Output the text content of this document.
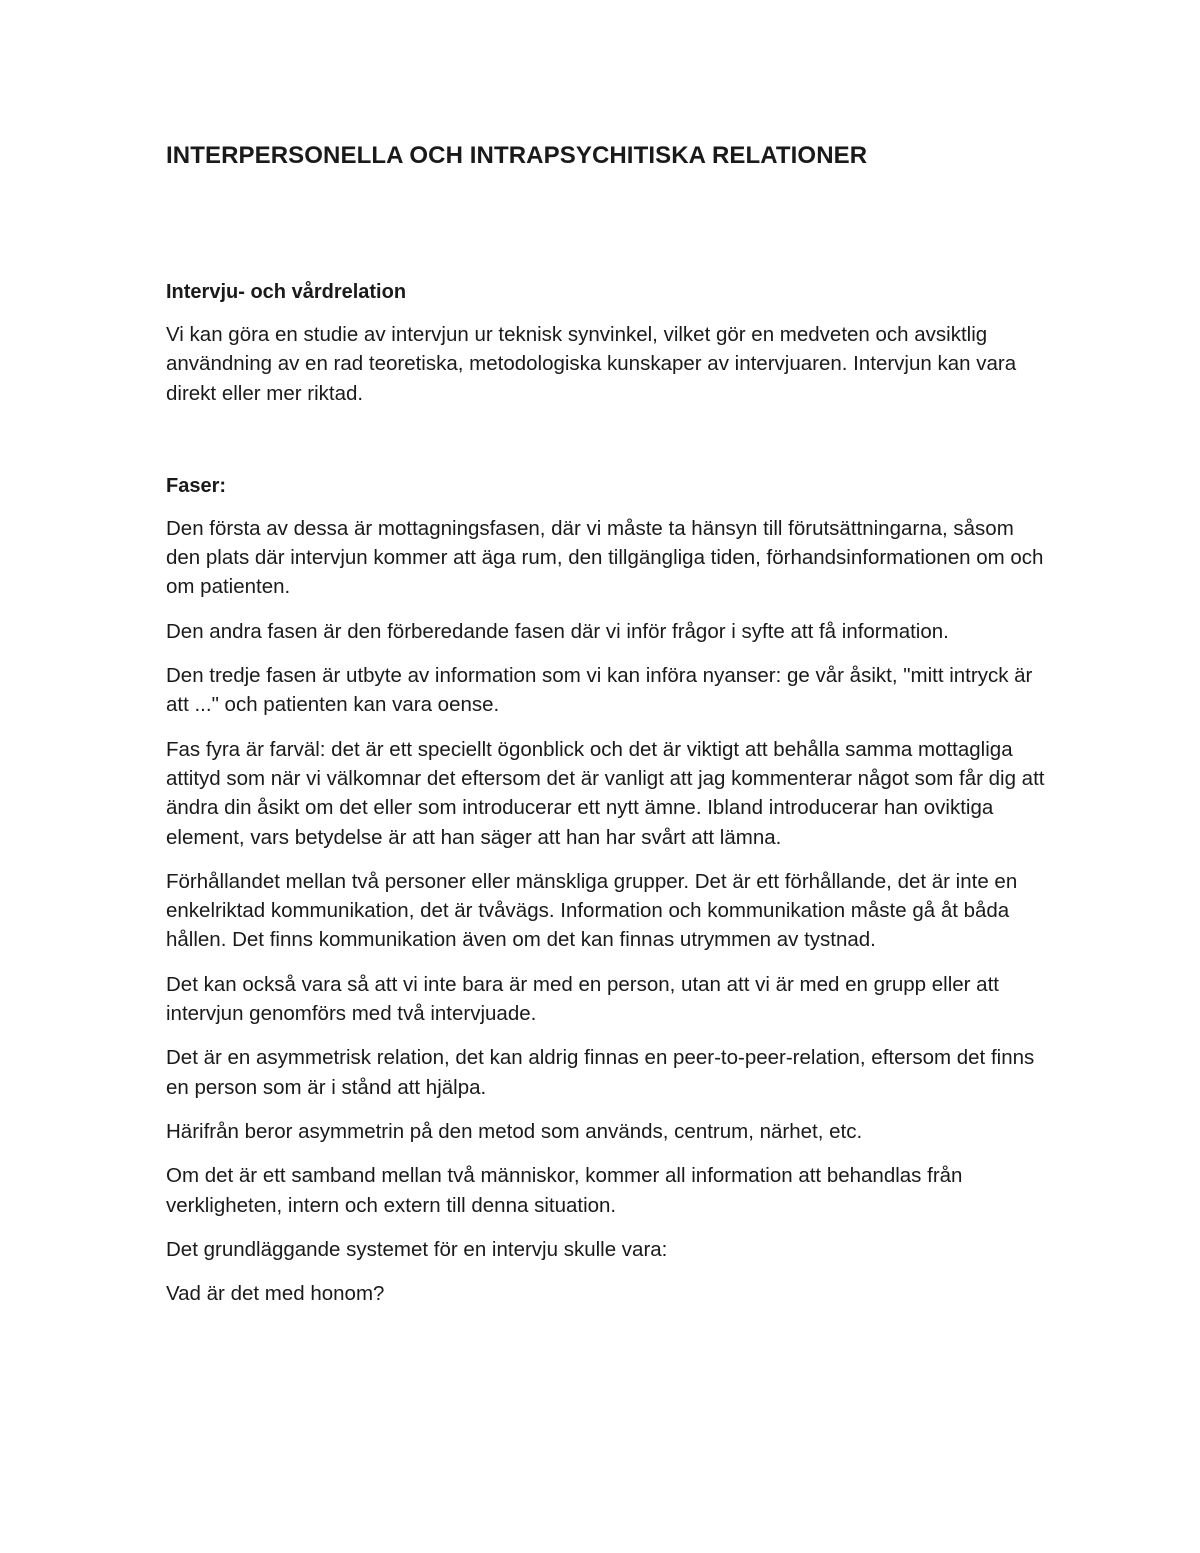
INTERPERSONELLA OCH INTRAPSYCHITISKA RELATIONER
Intervju- och vårdrelation

Vi kan göra en studie av intervjun ur teknisk synvinkel, vilket gör en medveten och avsiktlig användning av en rad teoretiska, metodologiska kunskaper av intervjuaren. Intervjun kan vara direkt eller mer riktad.

Faser:

Den första av dessa är mottagningsfasen, där vi måste ta hänsyn till förutsättningarna, såsom den plats där intervjun kommer att äga rum, den tillgängliga tiden, förhandsinformationen om och om patienten.

Den andra fasen är den förberedande fasen där vi inför frågor i syfte att få information.

Den tredje fasen är utbyte av information som vi kan införa nyanser: ge vår åsikt, "mitt intryck är att ..." och patienten kan vara oense.

Fas fyra är farväl: det är ett speciellt ögonblick och det är viktigt att behålla samma mottagliga attityd som när vi välkomnar det eftersom det är vanligt att jag kommenterar något som får dig att ändra din åsikt om det eller som introducerar ett nytt ämne. Ibland introducerar han oviktiga element, vars betydelse är att han säger att han har svårt att lämna.

Förhållandet mellan två personer eller mänskliga grupper. Det är ett förhållande, det är inte en enkelriktad kommunikation, det är tvåvägs. Information och kommunikation måste gå åt båda hållen. Det finns kommunikation även om det kan finnas utrymmen av tystnad.

Det kan också vara så att vi inte bara är med en person, utan att vi är med en grupp eller att intervjun genomförs med två intervjuade.

Det är en asymmetrisk relation, det kan aldrig finnas en peer-to-peer-relation, eftersom det finns en person som är i stånd att hjälpa.

Härifrån beror asymmetrin på den metod som används, centrum, närhet, etc.

Om det är ett samband mellan två människor, kommer all information att behandlas från verkligheten, intern och extern till denna situation.

Det grundläggande systemet för en intervju skulle vara:

Vad är det med honom?
